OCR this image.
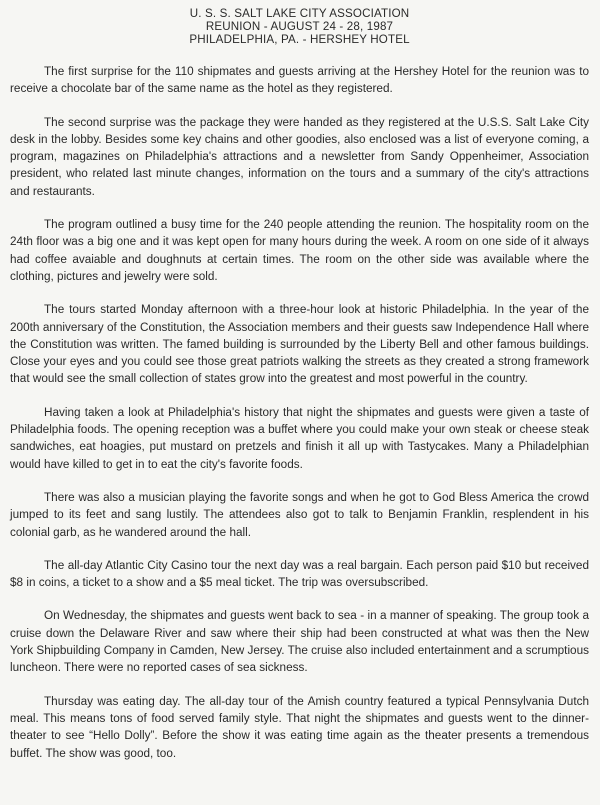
U. S. S. SALT LAKE CITY ASSOCIATION
REUNION - AUGUST 24 - 28, 1987
PHILADELPHIA, PA. - HERSHEY HOTEL

The first surprise for the 110 shipmates and guests arriving at the Hershey Hotel for the reunion was to receive a chocolate bar of the same name as the hotel as they registered.

The second surprise was the package they were handed as they registered at the U.S.S. Salt Lake City desk in the lobby. Besides some key chains and other goodies, also enclosed was a list of everyone coming, a program, magazines on Philadelphia's attractions and a newsletter from Sandy Oppenheimer, Association president, who related last minute changes, information on the tours and a summary of the city's attractions and restaurants.

The program outlined a busy time for the 240 people attending the reunion. The hospitality room on the 24th floor was a big one and it was kept open for many hours during the week. A room on one side of it always had coffee avaiable and doughnuts at certain times. The room on the other side was available where the clothing, pictures and jewelry were sold.

The tours started Monday afternoon with a three-hour look at historic Philadelphia. In the year of the 200th anniversary of the Constitution, the Association members and their guests saw Independence Hall where the Constitution was written. The famed building is surrounded by the Liberty Bell and other famous buildings. Close your eyes and you could see those great patriots walking the streets as they created a strong framework that would see the small collection of states grow into the greatest and most powerful in the country.

Having taken a look at Philadelphia's history that night the shipmates and guests were given a taste of Philadelphia foods. The opening reception was a buffet where you could make your own steak or cheese steak sandwiches, eat hoagies, put mustard on pretzels and finish it all up with Tastycakes. Many a Philadelphian would have killed to get in to eat the city's favorite foods.

There was also a musician playing the favorite songs and when he got to God Bless America the crowd jumped to its feet and sang lustily. The attendees also got to talk to Benjamin Franklin, resplendent in his colonial garb, as he wandered around the hall.

The all-day Atlantic City Casino tour the next day was a real bargain. Each person paid $10 but received $8 in coins, a ticket to a show and a $5 meal ticket. The trip was oversubscribed.

On Wednesday, the shipmates and guests went back to sea - in a manner of speaking. The group took a cruise down the Delaware River and saw where their ship had been constructed at what was then the New York Shipbuilding Company in Camden, New Jersey. The cruise also included entertainment and a scrumptious luncheon. There were no reported cases of sea sickness.

Thursday was eating day. The all-day tour of the Amish country featured a typical Pennsylvania Dutch meal. This means tons of food served family style. That night the shipmates and guests went to the dinner-theater to see “Hello Dolly”. Before the show it was eating time again as the theater presents a tremendous buffet. The show was good, too.
